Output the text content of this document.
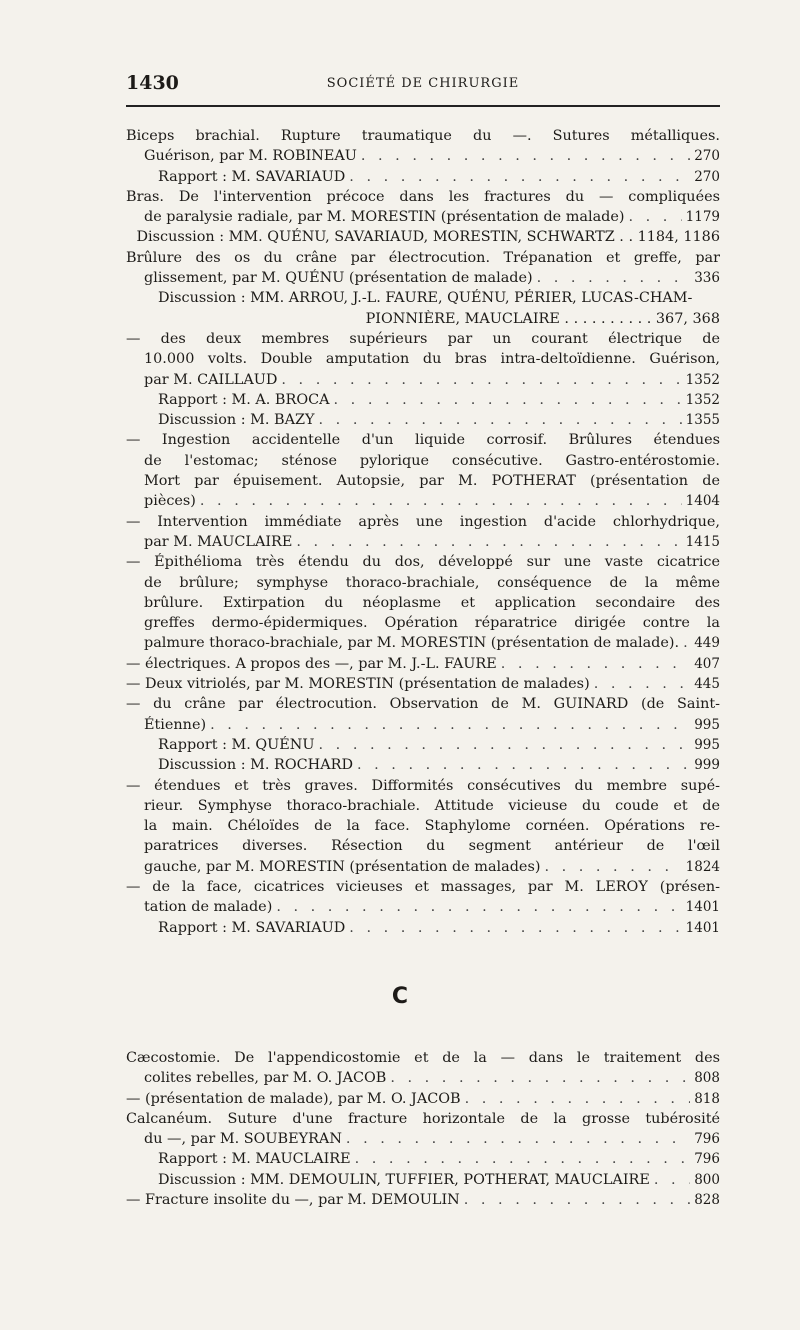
1430	SOCIÉTÉ DE CHIRURGIE
Biceps brachial. Rupture traumatique du —. Sutures métalliques.
Guérison, par M. ROBINEAU . . .	270
Rapport : M. SAVARIAUD . . .	270
Bras. De l'intervention précoce dans les fractures du — compliquées
de paralysie radiale, par M. MORESTIN (présentation de malade) . . .	1179
Discussion : MM. QUÉNU, SAVARIAUD, MORESTIN, SCHWARTZ . . 1184, 1186
Brûlure des os du crâne par électrocution. Trépanation et greffe, par
glissement, par M. QUÉNU (présentation de malade) . . .	336
Discussion : MM. ARROU, J.-L. FAURE, QUÉNU, PÉRIER, LUCAS-CHAM-
PIONNIÈRE, MAUCLAIRE . . . . . . . . . . 367, 368
— des deux membres supérieurs par un courant électrique de
10.000 volts. Double amputation du bras intra-deltoïdienne. Guérison,
par M. CAILLAUD . . .	1352
Rapport : M. A. BROCA . . .	1352
Discussion : M. BAZY . . .	1355
— Ingestion accidentelle d'un liquide corrosif. Brûlures étendues
de l'estomac; sténose pylorique consécutive. Gastro-entérostomie.
Mort par épuisement. Autopsie, par M. POTHERAT (présentation de
pièces) . . .	1404
— Intervention immédiate après une ingestion d'acide chlorhydrique,
par M. MAUCLAIRE . . .	1415
— Épithélioma très étendu du dos, développé sur une vaste cicatrice
de brûlure; symphyse thoraco-brachiale, conséquence de la même
brûlure. Extirpation du néoplasme et application secondaire des
greffes dermo-épidermiques. Opération réparatrice dirigée contre la
palmure thoraco-brachiale, par M. MORESTIN (présentation de malade). . . . 449
— électriques. A propos des —, par M. J.-L. FAURE . . .	407
— Deux vitriolés, par M. MORESTIN (présentation de malades) . . .	445
— du crâne par électrocution. Observation de M. GUINARD (de Saint-
Étienne) . . .	995
Rapport : M. QUÉNU . . .	995
Discussion : M. ROCHARD . . .	999
— étendues et très graves. Difformités consécutives du membre supé-
rieur. Symphyse thoraco-brachiale. Attitude vicieuse du coude et de
la main. Chéloïdes de la face. Staphylome cornéen. Opérations re-
paratrices diverses. Résection du segment antérieur de l'œil
gauche, par M. MORESTIN (présentation de malades) . . .	1824
— de la face, cicatrices vicieuses et massages, par M. LEROY (présen-
tation de malade) . . .	1401
Rapport : M. SAVARIAUD . . .	1401
C
Cæcostomie. De l'appendicostomie et de la — dans le traitement des
colites rebelles, par M. O. JACOB . . .	808
— (présentation de malade), par M. O. JACOB . . .	818
Calcanéum. Suture d'une fracture horizontale de la grosse tubérosité
du —, par M. SOUBEYRAN . . .	796
Rapport : M. MAUCLAIRE . . .	796
Discussion : MM. DEMOULIN, TUFFIER, POTHERAT, MAUCLAIRE . . .	800
— Fracture insolite du —, par M. DEMOULIN . . .	828
